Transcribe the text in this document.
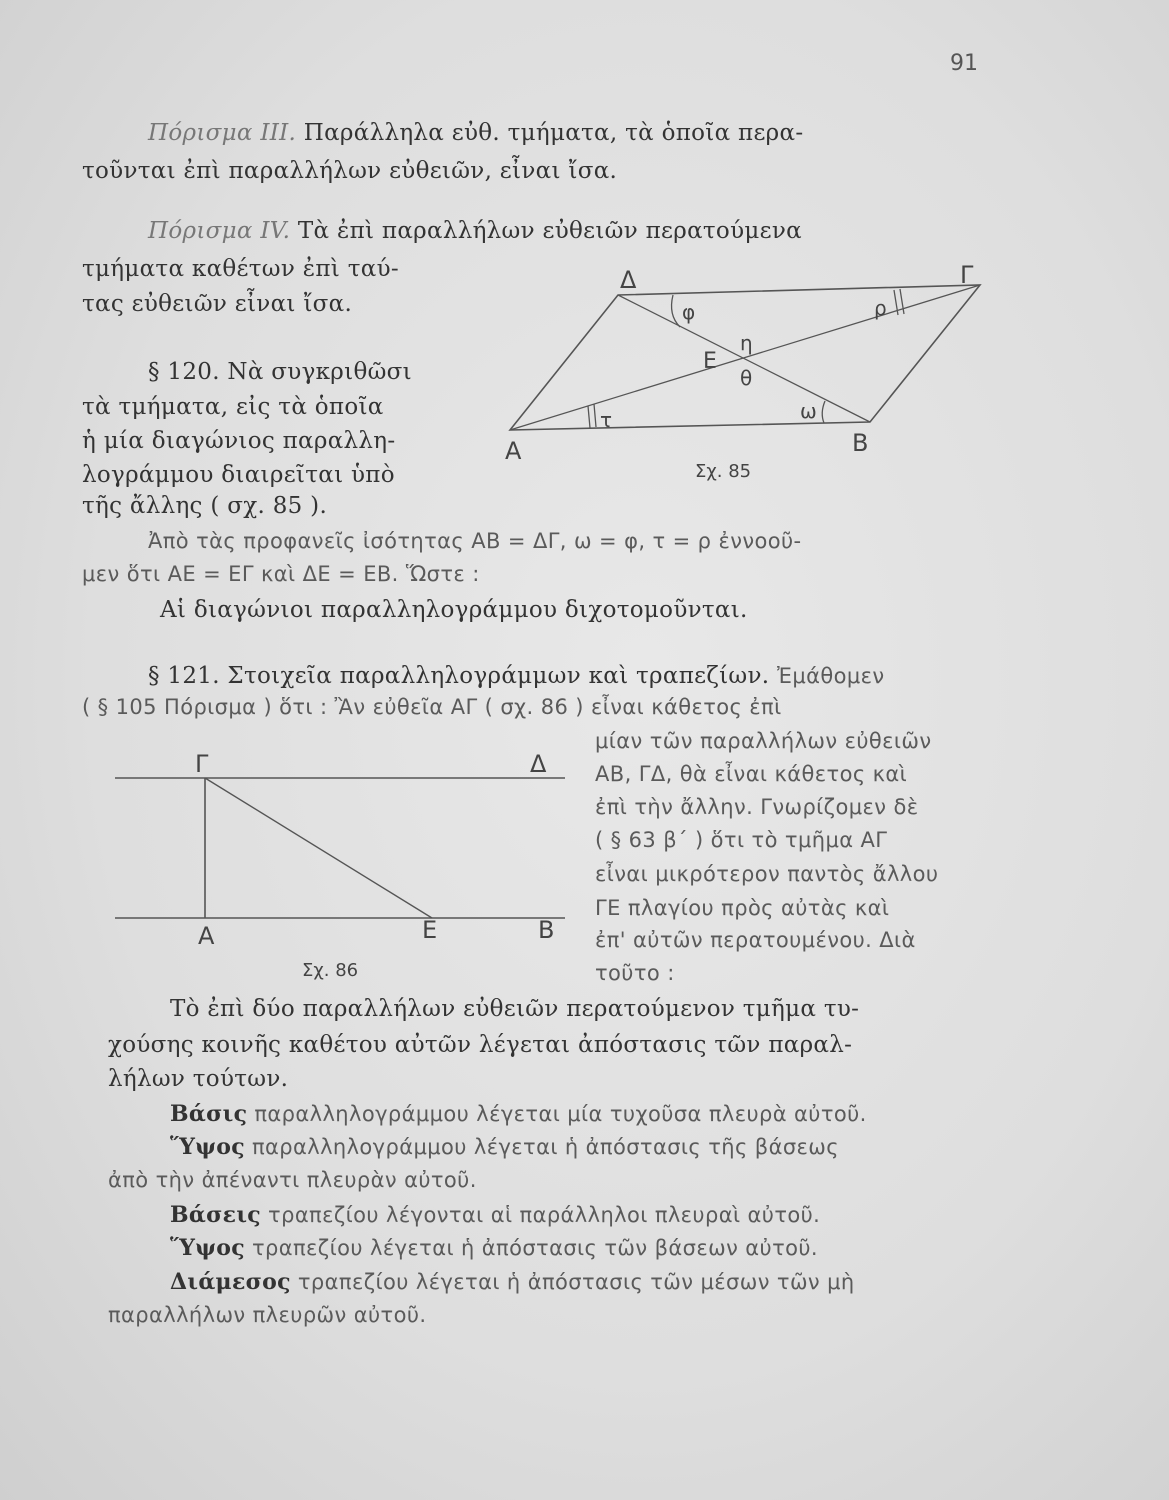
91
Πόρισμα III. Παράλληλα εὐθ. τμήματα, τὰ ὁποῖα περα-
τοῦνται ἐπὶ παραλλήλων εὐθειῶν, εἶναι ἴσα.
Πόρισμα IV. Τὰ ἐπὶ παραλλήλων εὐθειῶν περατούμενα
τμήματα καθέτων ἐπὶ ταύ-
τας εὐθειῶν εἶναι ἴσα.
§ 120. Νὰ συγκριθῶσι
τὰ τμήματα, εἰς τὰ ὁποῖα
ἡ μία διαγώνιος παραλλη-
λογράμμου διαιρεῖται ὑπὸ
τῆς ἄλλης ( σχ. 85 ).
Δ	Γ
Α	Β
Ε
φ	ρ
η
θ
ω
τ
Σχ. 85
Ἀπὸ τὰς προφανεῖς ἰσότητας ΑΒ = ΔΓ, ω = φ, τ = ρ ἐννοοῦ-
μεν ὅτι ΑΕ = ΕΓ καὶ ΔΕ = ΕΒ. Ὥστε :
Αἱ διαγώνιοι παραλληλογράμμου διχοτομοῦνται.
§ 121. Στοιχεῖα παραλληλογράμμων καὶ τραπεζίων. Ἐμάθομεν
( § 105 Πόρισμα ) ὅτι : Ἂν εὐθεῖα ΑΓ ( σχ. 86 ) εἶναι κάθετος ἐπὶ
μίαν τῶν παραλλήλων εὐθειῶν
ΑΒ, ΓΔ, θὰ εἶναι κάθετος καὶ
ἐπὶ τὴν ἄλλην. Γνωρίζομεν δὲ
( § 63 β΄ ) ὅτι τὸ τμῆμα ΑΓ
εἶναι μικρότερον παντὸς ἄλλου
ΓΕ πλαγίου πρὸς αὐτὰς καὶ
ἐπ' αὐτῶν περατουμένου. Διὰ
τοῦτο :
Γ	Δ
Α	Ε	Β
Σχ. 86
Τὸ ἐπὶ δύο παραλλήλων εὐθειῶν περατούμενον τμῆμα τυ-
χούσης κοινῆς καθέτου αὐτῶν λέγεται ἀπόστασις τῶν παραλ-
λήλων τούτων.
Βάσις παραλληλογράμμου λέγεται μία τυχοῦσα πλευρὰ αὐτοῦ.
Ὕψος παραλληλογράμμου λέγεται ἡ ἀπόστασις τῆς βάσεως
ἀπὸ τὴν ἀπέναντι πλευρὰν αὐτοῦ.
Βάσεις τραπεζίου λέγονται αἱ παράλληλοι πλευραὶ αὐτοῦ.
Ὕψος τραπεζίου λέγεται ἡ ἀπόστασις τῶν βάσεων αὐτοῦ.
Διάμεσος τραπεζίου λέγεται ἡ ἀπόστασις τῶν μέσων τῶν μὴ
παραλλήλων πλευρῶν αὐτοῦ.
